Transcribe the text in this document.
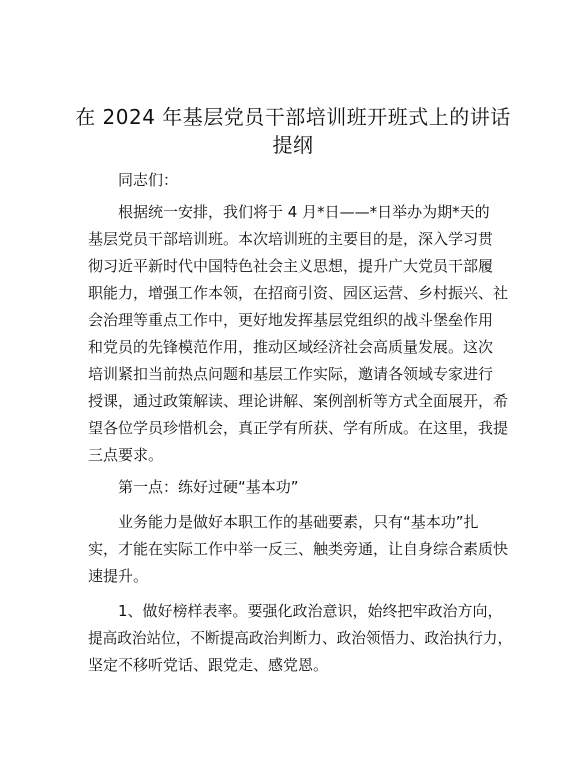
在 2024 年基层党员干部培训班开班式上的讲话
提纲
同志们：
根据统一安排，我们将于 4 月*日——*日举办为期*天的
基层党员干部培训班。本次培训班的主要目的是，深入学习贯
彻习近平新时代中国特色社会主义思想，提升广大党员干部履
职能力，增强工作本领，在招商引资、园区运营、乡村振兴、社
会治理等重点工作中，更好地发挥基层党组织的战斗堡垒作用
和党员的先锋模范作用，推动区域经济社会高质量发展。这次
培训紧扣当前热点问题和基层工作实际，邀请各领域专家进行
授课，通过政策解读、理论讲解、案例剖析等方式全面展开，希
望各位学员珍惜机会，真正学有所获、学有所成。在这里，我提
三点要求。
第一点：练好过硬“基本功”
业务能力是做好本职工作的基础要素，只有“基本功”扎
实，才能在实际工作中举一反三、触类旁通，让自身综合素质快
速提升。
1、做好榜样表率。要强化政治意识，始终把牢政治方向，
提高政治站位，不断提高政治判断力、政治领悟力、政治执行力，
坚定不移听党话、跟党走、感党恩。
